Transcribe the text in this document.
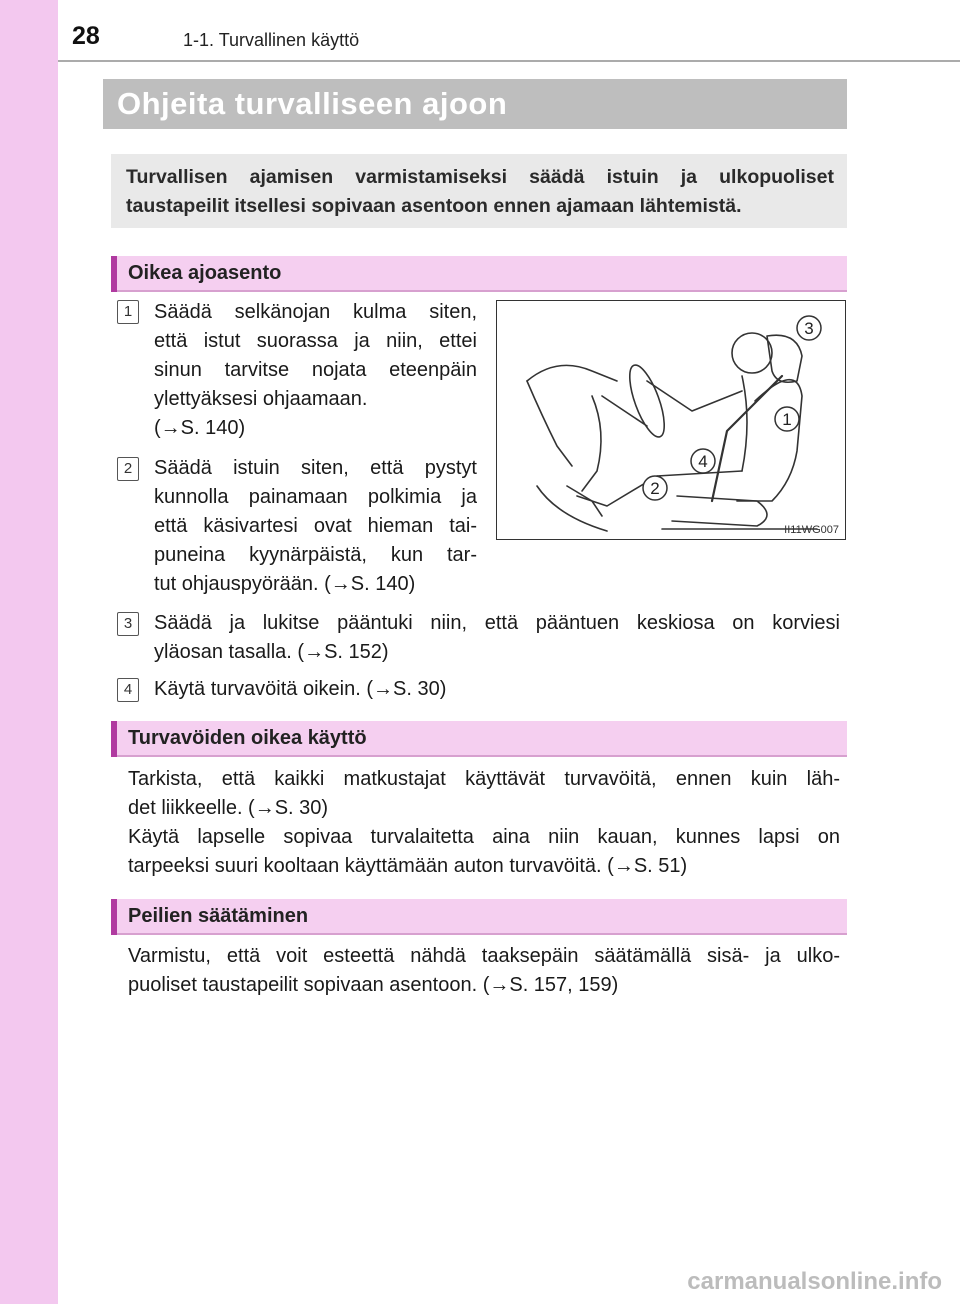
28	1-1. Turvallinen käyttö
Ohjeita turvalliseen ajoon

Turvallisen ajamisen varmistamiseksi säädä istuin ja ulkopuoliset
taustapeilit itsellesi sopivaan asentoon ennen ajamaan lähtemistä.

Oikea ajoasento
1	Säädä selkänojan kulma siten,
että istut suorassa ja niin, ettei
sinun tarvitse nojata eteenpäin
ylettyäksesi ohjaamaan.
(→S. 140)

2	Säädä istuin siten, että pystyt
kunnolla painamaan polkimia ja
että käsivartesi ovat hieman tai-
puneina kyynärpäistä, kun tar-
tut ohjauspyörään. (→S. 140)

3
1
4
2
II11WG007
3	Säädä ja lukitse pääntuki niin, että pääntuen keskiosa on korviesi
yläosan tasalla. (→S. 152)

4	Käytä turvavöitä oikein. (→S. 30)

Turvavöiden oikea käyttö

Tarkista, että kaikki matkustajat käyttävät turvavöitä, ennen kuin läh-
det liikkeelle. (→S. 30)
Käytä lapselle sopivaa turvalaitetta aina niin kauan, kunnes lapsi on
tarpeeksi suuri kooltaan käyttämään auton turvavöitä. (→S. 51)

Peilien säätäminen

Varmistu, että voit esteettä nähdä taaksepäin säätämällä sisä- ja ulko-
puoliset taustapeilit sopivaan asentoon. (→S. 157, 159)

carmanualsonline.info
